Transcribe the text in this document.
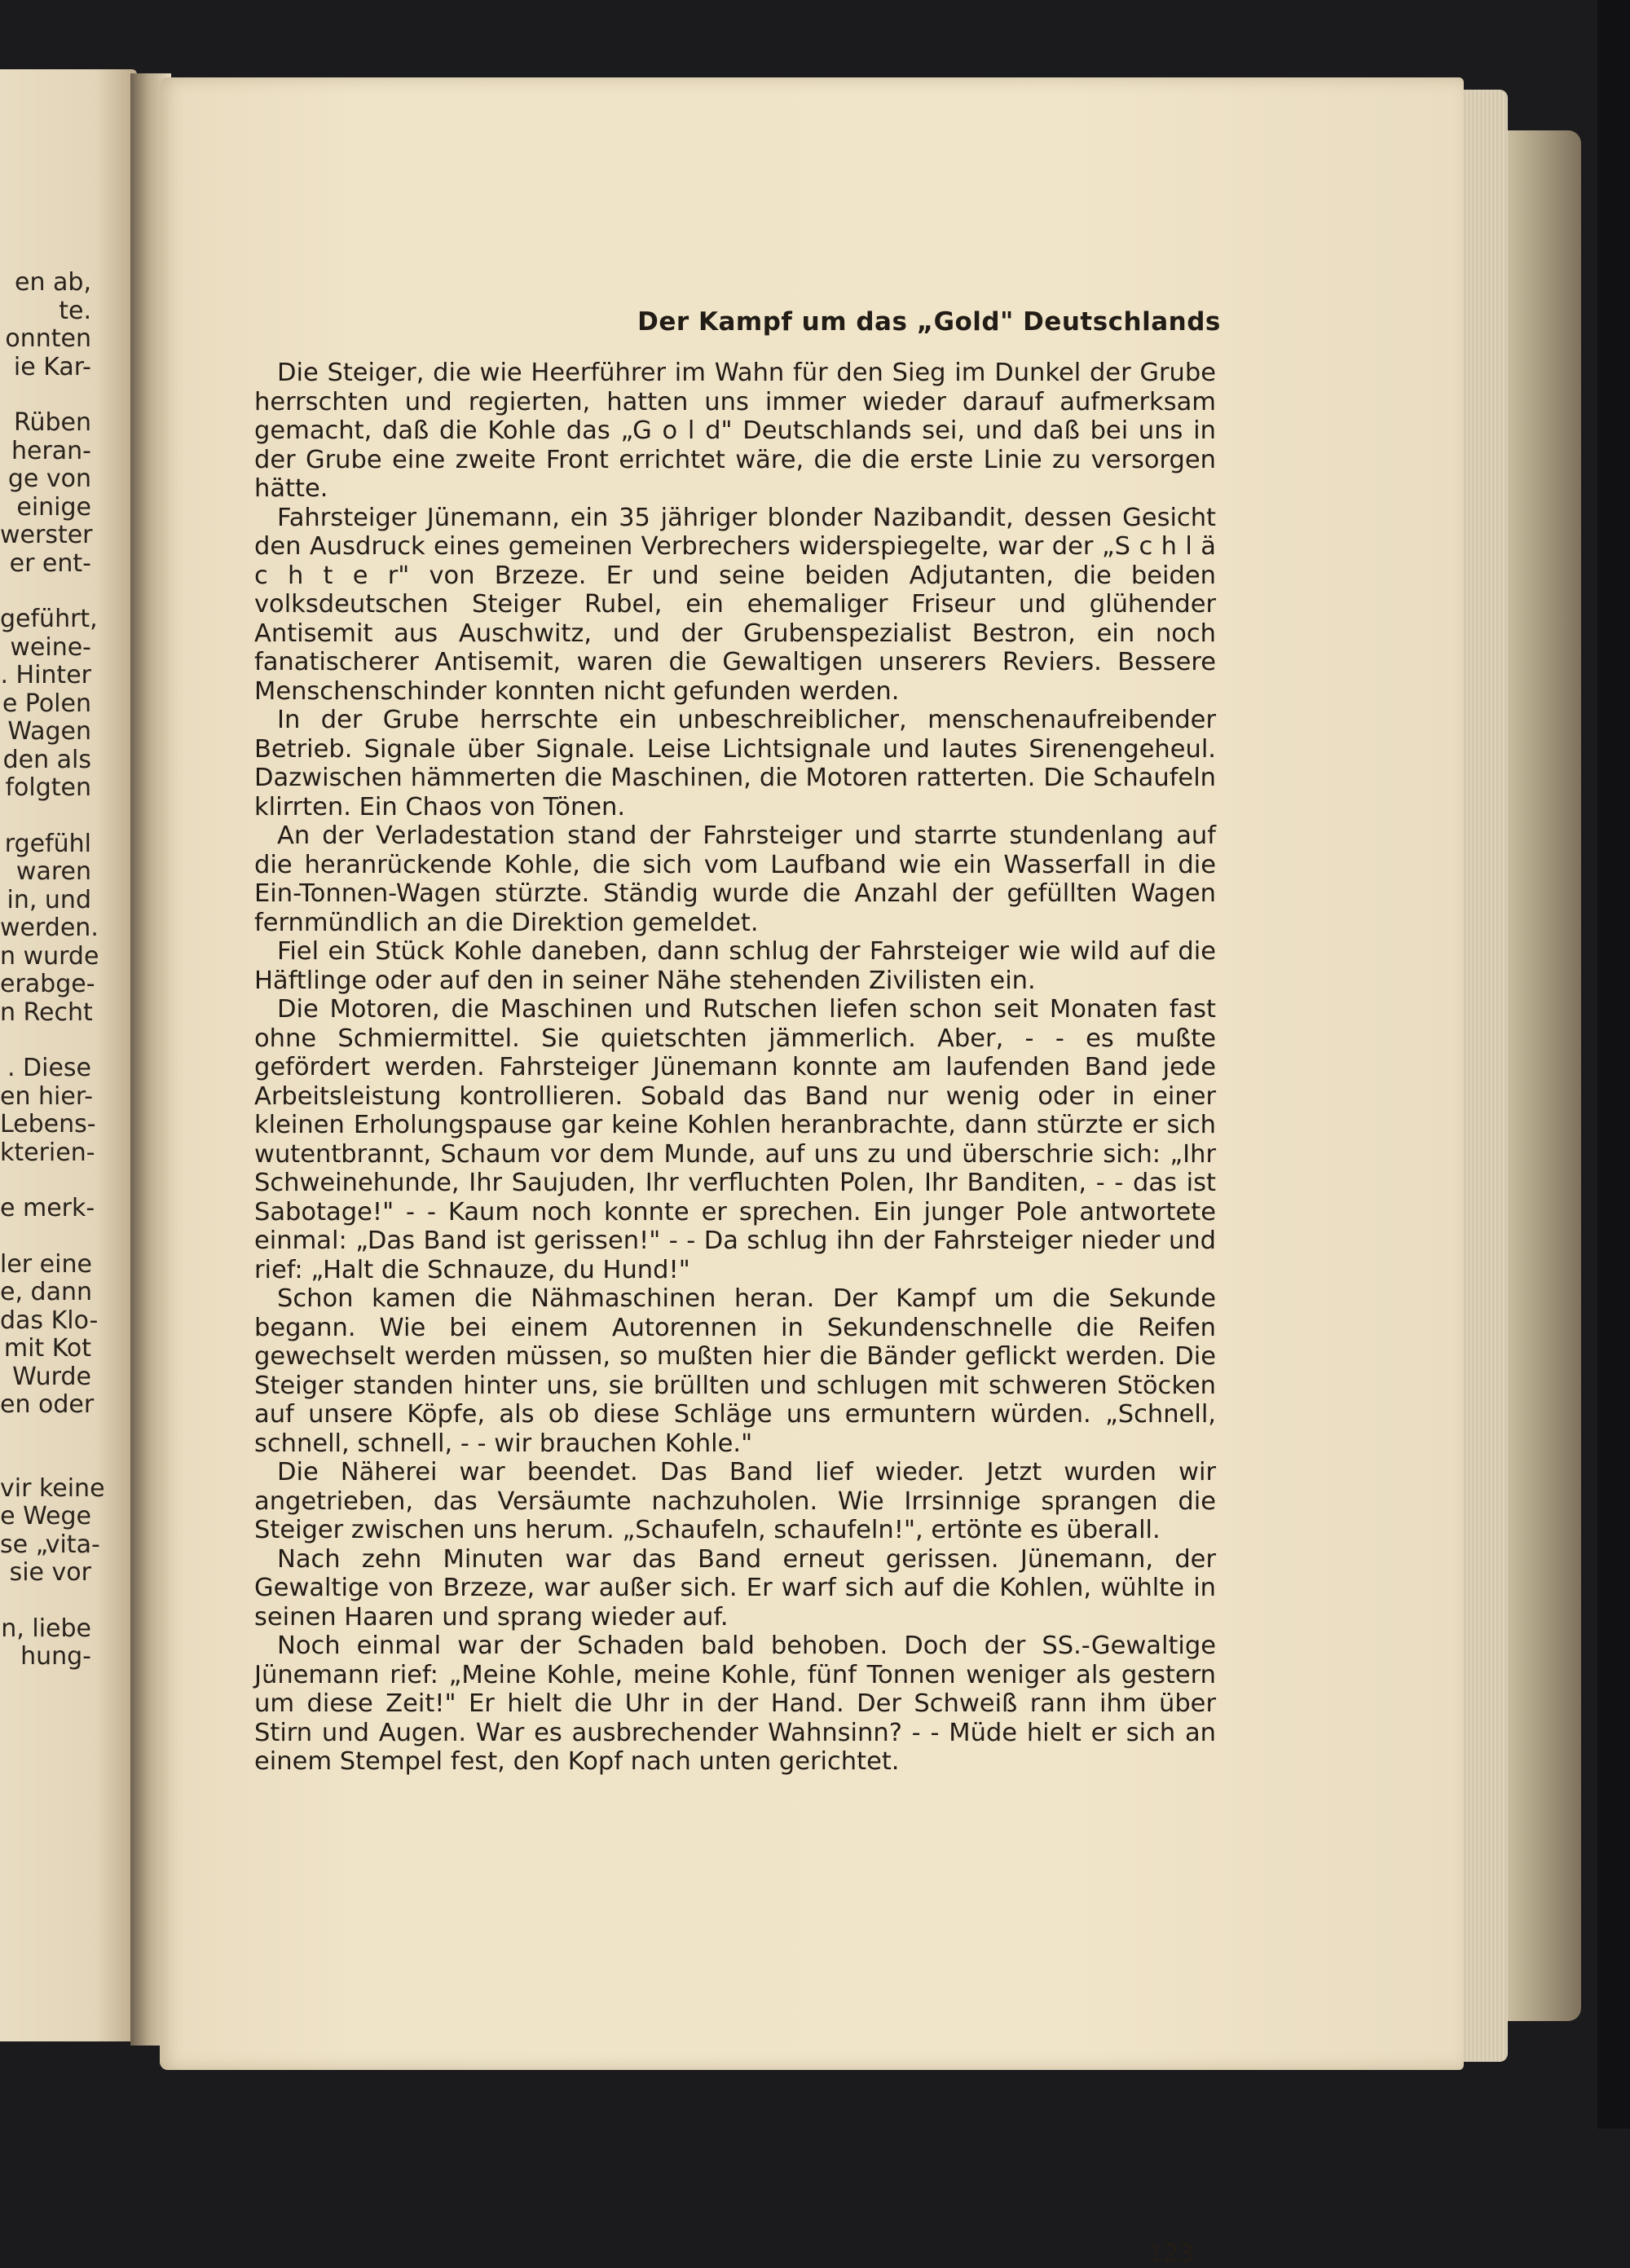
en ab,
te.
onnten
ie Kar-
Rüben
heran-
ge von
einige
werster
er ent-
geführt,
weine-
. Hinter
e Polen
Wagen
den als
folgten
rgefühl
waren
in, und
werden.
n wurde
erabge-
n Recht
. Diese
en hier-
Lebens-
kterien-
e merk-
ler eine
e, dann
das Klo-
mit Kot
Wurde
en oder
vir keine
e Wege
se „vita-
sie vor
n, liebe
hung-
Der Kampf um das „Gold" Deutschlands

Die Steiger, die wie Heerführer im Wahn für den Sieg im Dunkel der Grube herrschten und regierten, hatten uns immer wieder darauf aufmerksam gemacht, daß die Kohle das „G o l d" Deutschlands sei, und daß bei uns in der Grube eine zweite Front errichtet wäre, die die erste Linie zu versorgen hätte.

Fahrsteiger Jünemann, ein 35 jähriger blonder Nazibandit, dessen Gesicht den Ausdruck eines gemeinen Verbrechers widerspiegelte, war der „S c h l ä c h t e r" von Brzeze. Er und seine beiden Adjutanten, die beiden volksdeutschen Steiger Rubel, ein ehemaliger Friseur und glühender Antisemit aus Auschwitz, und der Grubenspezialist Bestron, ein noch fanatischerer Antisemit, waren die Gewaltigen unserers Reviers. Bessere Menschenschinder konnten nicht gefunden werden.

In der Grube herrschte ein unbeschreiblicher, menschenaufreibender Betrieb. Signale über Signale. Leise Lichtsignale und lautes Sirenengeheul. Dazwischen hämmerten die Maschinen, die Motoren ratterten. Die Schaufeln klirrten. Ein Chaos von Tönen.

An der Verladestation stand der Fahrsteiger und starrte stundenlang auf die heranrückende Kohle, die sich vom Laufband wie ein Wasserfall in die Ein-Tonnen-Wagen stürzte. Ständig wurde die Anzahl der gefüllten Wagen fernmündlich an die Direktion gemeldet.

Fiel ein Stück Kohle daneben, dann schlug der Fahrsteiger wie wild auf die Häftlinge oder auf den in seiner Nähe stehenden Zivilisten ein.

Die Motoren, die Maschinen und Rutschen liefen schon seit Monaten fast ohne Schmiermittel. Sie quietschten jämmerlich. Aber, - - es mußte gefördert werden. Fahrsteiger Jünemann konnte am laufenden Band jede Arbeitsleistung kontrollieren. Sobald das Band nur wenig oder in einer kleinen Erholungspause gar keine Kohlen heranbrachte, dann stürzte er sich wutentbrannt, Schaum vor dem Munde, auf uns zu und überschrie sich: „Ihr Schweinehunde, Ihr Saujuden, Ihr verfluchten Polen, Ihr Banditen, - - das ist Sabotage!" - - Kaum noch konnte er sprechen. Ein junger Pole antwortete einmal: „Das Band ist gerissen!" - - Da schlug ihn der Fahrsteiger nieder und rief: „Halt die Schnauze, du Hund!"

Schon kamen die Nähmaschinen heran. Der Kampf um die Sekunde begann. Wie bei einem Autorennen in Sekundenschnelle die Reifen gewechselt werden müssen, so mußten hier die Bänder geflickt werden. Die Steiger standen hinter uns, sie brüllten und schlugen mit schweren Stöcken auf unsere Köpfe, als ob diese Schläge uns ermuntern würden. „Schnell, schnell, schnell, - - wir brauchen Kohle."

Die Näherei war beendet. Das Band lief wieder. Jetzt wurden wir angetrieben, das Versäumte nachzuholen. Wie Irrsinnige sprangen die Steiger zwischen uns herum. „Schaufeln, schaufeln!", ertönte es überall.

Nach zehn Minuten war das Band erneut gerissen. Jünemann, der Gewaltige von Brzeze, war außer sich. Er warf sich auf die Kohlen, wühlte in seinen Haaren und sprang wieder auf.

Noch einmal war der Schaden bald behoben. Doch der SS.-Gewaltige Jünemann rief: „Meine Kohle, meine Kohle, fünf Tonnen weniger als gestern um diese Zeit!" Er hielt die Uhr in der Hand. Der Schweiß rann ihm über Stirn und Augen. War es ausbrechender Wahnsinn? - - Müde hielt er sich an einem Stempel fest, den Kopf nach unten gerichtet.

123
